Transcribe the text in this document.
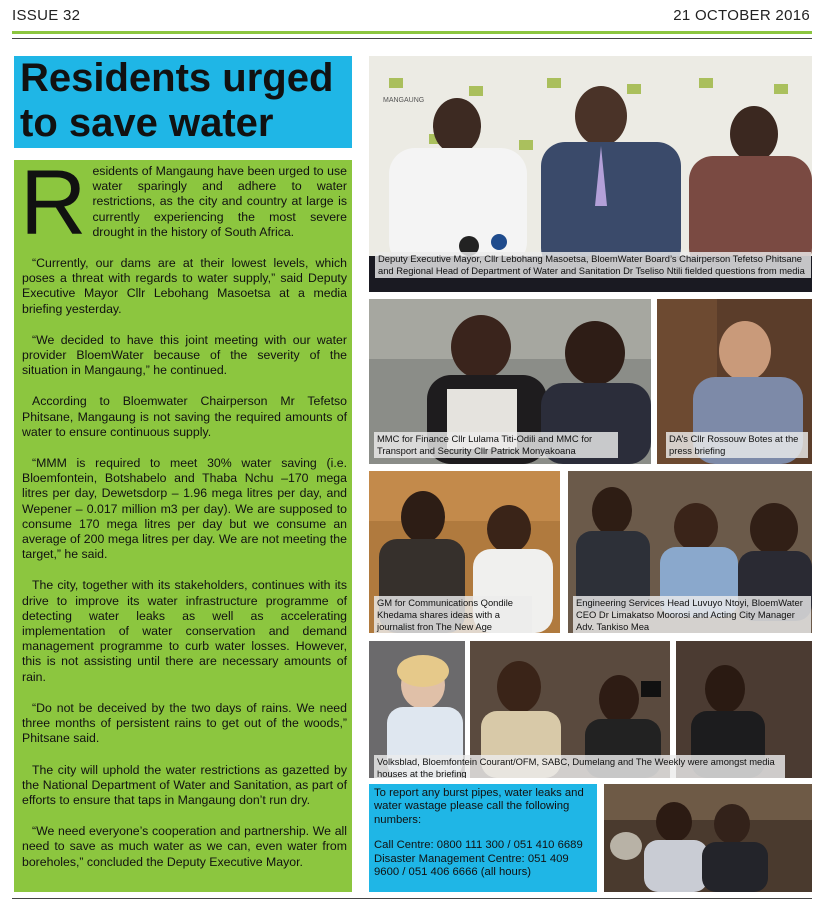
ISSUE 32	21 OCTOBER 2016
Residents urged
to save water

Residents of Mangaung have been urged to use water sparingly and adhere to water restrictions, as the city and country at large is currently experiencing the most severe drought in the history of South Africa.

“Currently, our dams are at their lowest levels, which poses a threat with regards to water supply,” said Deputy Executive Mayor Cllr Lebohang Masoetsa at a media briefing yesterday.

“We decided to have this joint meeting with our water provider BloemWater because of the severity of the situation in Mangaung,” he continued.

According to Bloemwater Chairperson Mr Tefetso Phitsane, Mangaung is not saving the required amounts of water to ensure continuous supply.

“MMM is required to meet 30% water saving (i.e. Bloemfontein, Botshabelo and Thaba Nchu –170 mega litres per day, Dewetsdorp – 1.96 mega litres per day, and Wepener – 0.017 million m3 per day). We are supposed to consume 170 mega litres per day but we consume an average of 200 mega litres per day. We are not meeting the target,” he said.

The city, together with its stakeholders, continues with its drive to improve its water infrastructure programme of detecting water leaks as well as accelerating implementation of water conservation and demand management programme to curb water losses. However, this is not assisting until there are necessary amounts of rain.

“Do not be deceived by the two days of rains. We need three months of persistent rains to get out of the woods,” Phitsane said.

The city will uphold the water restrictions as gazetted by the National Department of Water and Sanitation, as part of efforts to ensure that taps in Mangaung don’t run dry.

“We need everyone’s cooperation and partnership. We all need to save as much water as we can, even water from boreholes,” concluded the Deputy Executive Mayor.

MANGAUNG
Deputy Executive Mayor, Cllr Lebohang Masoetsa, BloemWater Board’s Chairperson Tefetso Phitsane and Regional Head of Department of Water and Sanitation Dr Tseliso Ntili fielded questions from media
MMC for Finance Cllr Lulama Titi-Odili and MMC for Transport and Security Cllr Patrick Monyakoana
DA’s Cllr Rossouw Botes at the press briefing
GM for Communications Qondile Khedama shares ideas with a journalist fron The New Age
Engineering Services Head Luvuyo Ntoyi, BloemWater CEO Dr Limakatso Moorosi and Acting City Manager Adv. Tankiso Mea
Volksblad, Bloemfontein Courant/OFM, SABC, Dumelang and The Weekly were amongst media houses at the briefing

To report any burst pipes, water leaks and water wastage please call the following numbers:

Call Centre: 0800 111 300 / 051 410 6689
Disaster Management Centre: 051 409 9600 / 051 406 6666 (all hours)
